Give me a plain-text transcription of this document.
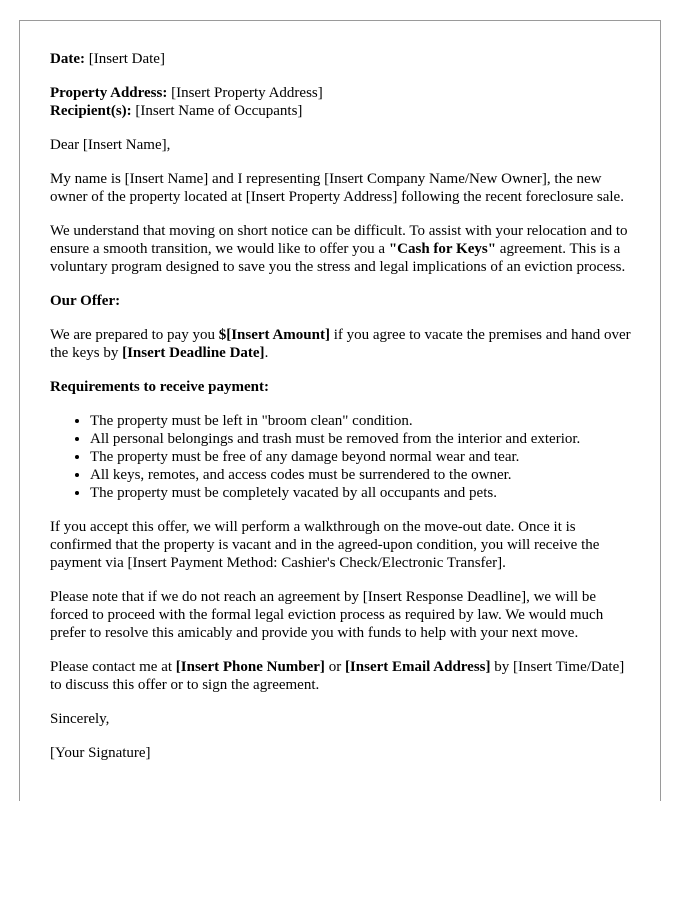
Date: [Insert Date]

Property Address: [Insert Property Address]

Recipient(s): [Insert Name of Occupants]

Dear [Insert Name],

My name is [Insert Name] and I representing [Insert Company Name/New Owner], the new owner of the property located at [Insert Property Address] following the recent foreclosure sale.

We understand that moving on short notice can be difficult. To assist with your relocation and to ensure a smooth transition, we would like to offer you a "Cash for Keys" agreement. This is a voluntary program designed to save you the stress and legal implications of an eviction process.

Our Offer:

We are prepared to pay you $[Insert Amount] if you agree to vacate the premises and hand over the keys by [Insert Deadline Date].

Requirements to receive payment:

• The property must be left in "broom clean" condition.
• All personal belongings and trash must be removed from the interior and exterior.
• The property must be free of any damage beyond normal wear and tear.
• All keys, remotes, and access codes must be surrendered to the owner.
• The property must be completely vacated by all occupants and pets.

If you accept this offer, we will perform a walkthrough on the move-out date. Once it is confirmed that the property is vacant and in the agreed-upon condition, you will receive the payment via [Insert Payment Method: Cashier's Check/Electronic Transfer].

Please note that if we do not reach an agreement by [Insert Response Deadline], we will be forced to proceed with the formal legal eviction process as required by law. We would much prefer to resolve this amicably and provide you with funds to help with your next move.

Please contact me at [Insert Phone Number] or [Insert Email Address] by [Insert Time/Date] to discuss this offer or to sign the agreement.

Sincerely,

[Your Signature]
